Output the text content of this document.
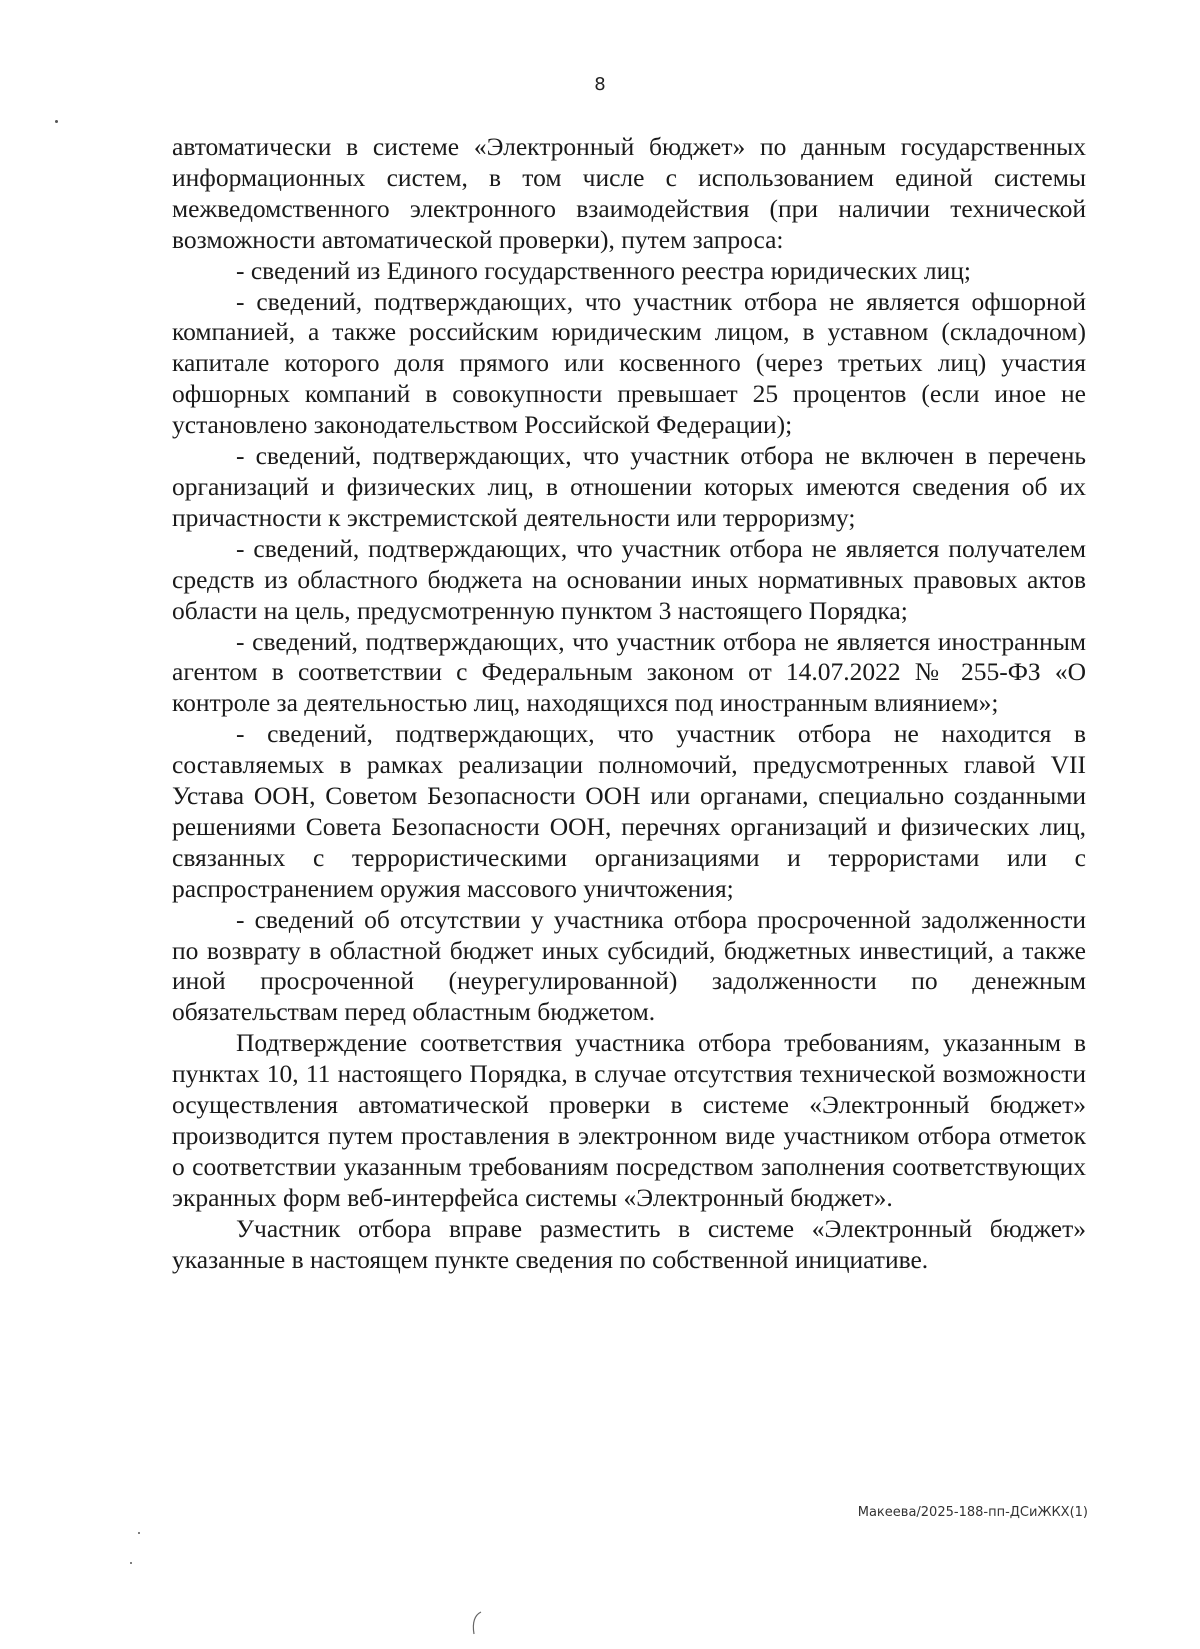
8

автоматически в системе «Электронный бюджет» по данным государственных информационных систем, в том числе с использованием единой системы межведомственного электронного взаимодействия (при наличии технической возможности автоматической проверки), путем запроса:

- сведений из Единого государственного реестра юридических лиц;

- сведений, подтверждающих, что участник отбора не является офшорной компанией, а также российским юридическим лицом, в уставном (складочном) капитале которого доля прямого или косвенного (через третьих лиц) участия офшорных компаний в совокупности превышает 25 процентов (если иное не установлено законодательством Российской Федерации);

- сведений, подтверждающих, что участник отбора не включен в перечень организаций и физических лиц, в отношении которых имеются сведения об их причастности к экстремистской деятельности или терроризму;

- сведений, подтверждающих, что участник отбора не является получателем средств из областного бюджета на основании иных нормативных правовых актов области на цель, предусмотренную пунктом 3 настоящего Порядка;

- сведений, подтверждающих, что участник отбора не является иностранным агентом в соответствии с Федеральным законом от 14.07.2022 № 255-ФЗ «О контроле за деятельностью лиц, находящихся под иностранным влиянием»;

- сведений, подтверждающих, что участник отбора не находится в составляемых в рамках реализации полномочий, предусмотренных главой VII Устава ООН, Советом Безопасности ООН или органами, специально созданными решениями Совета Безопасности ООН, перечнях организаций и физических лиц, связанных с террористическими организациями и террористами или с распространением оружия массового уничтожения;

- сведений об отсутствии у участника отбора просроченной задолженности по возврату в областной бюджет иных субсидий, бюджетных инвестиций, а также иной просроченной (неурегулированной) задолженности по денежным обязательствам перед областным бюджетом.

Подтверждение соответствия участника отбора требованиям, указанным в пунктах 10, 11 настоящего Порядка, в случае отсутствия технической возможности осуществления автоматической проверки в системе «Электронный бюджет» производится путем проставления в электронном виде участником отбора отметок о соответствии указанным требованиям посредством заполнения соответствующих экранных форм веб-интерфейса системы «Электронный бюджет».

Участник отбора вправе разместить в системе «Электронный бюджет» указанные в настоящем пункте сведения по собственной инициативе.

Макеева/2025-188-пп-ДСиЖКХ(1)
